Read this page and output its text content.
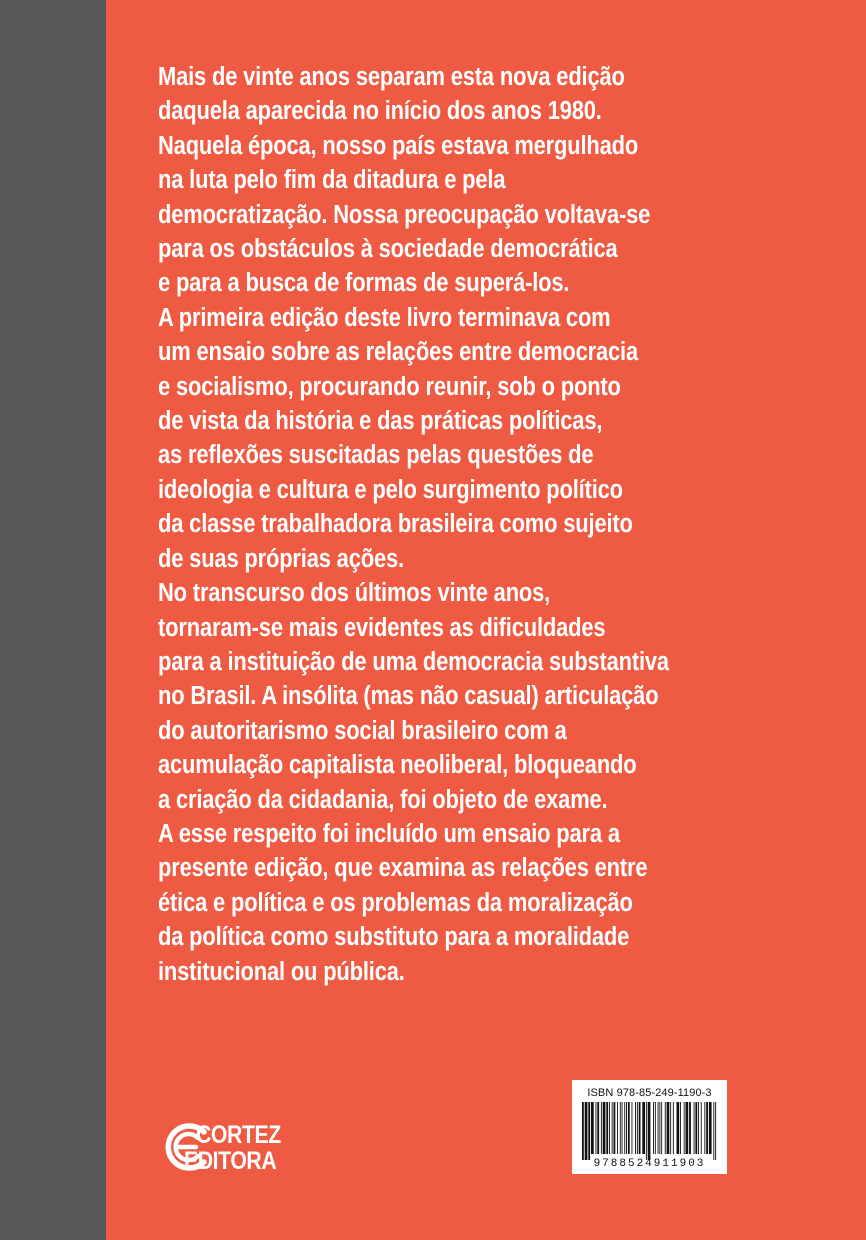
Mais de vinte anos separam esta nova edição
daquela aparecida no início dos anos 1980.
Naquela época, nosso país estava mergulhado
na luta pelo fim da ditadura e pela
democratização. Nossa preocupação voltava-se
para os obstáculos à sociedade democrática
e para a busca de formas de superá-los.
A primeira edição deste livro terminava com
um ensaio sobre as relações entre democracia
e socialismo, procurando reunir, sob o ponto
de vista da história e das práticas políticas,
as reflexões suscitadas pelas questões de
ideologia e cultura e pelo surgimento político
da classe trabalhadora brasileira como sujeito
de suas próprias ações.
No transcurso dos últimos vinte anos,
tornaram-se mais evidentes as dificuldades
para a instituição de uma democracia substantiva
no Brasil. A insólita (mas não casual) articulação
do autoritarismo social brasileiro com a
acumulação capitalista neoliberal, bloqueando
a criação da cidadania, foi objeto de exame.
A esse respeito foi incluído um ensaio para a
presente edição, que examina as relações entre
ética e política e os problemas da moralização
da política como substituto para a moralidade
institucional ou pública.
CORTEZ
EDITORA
ISBN 978-85-249-1190-3
9788524911903
